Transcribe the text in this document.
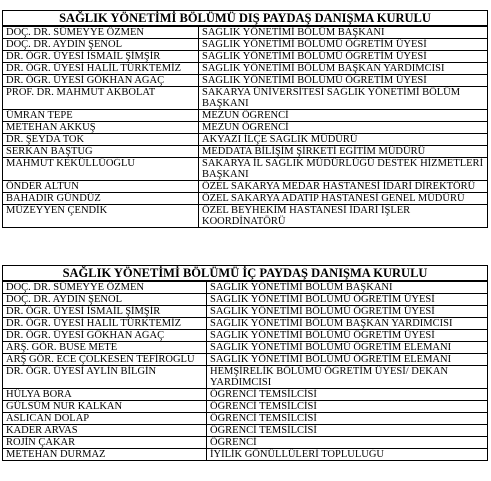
SAĞLIK YÖNETİMİ BÖLÜMÜ DIŞ PAYDAŞ DANIŞMA KURULU	
DOÇ. DR. SÜMEYYE ÖZMEN	SAĞLIK YÖNETİMİ BÖLÜM BAŞKANI
DOÇ. DR. AYDIN ŞENOL	SAĞLIK YÖNETİMİ BÖLÜMÜ ÖĞRETİM ÜYESİ
DR. ÖĞR. ÜYESİ İSMAİL ŞİMŞİR	SAĞLIK YÖNETİMİ BÖLÜMÜ ÖĞRETİM ÜYESİ
DR. ÖĞR. ÜYESİ HALİL TÜRKTEMİZ	SAĞLIK YÖNETİMİ BÖLÜM BAŞKAN YARDIMCISI
DR. ÖĞR. ÜYESİ GÖKHAN AĞAÇ	SAĞLIK YÖNETİMİ BÖLÜMÜ ÖĞRETİM ÜYESİ
PROF. DR. MAHMUT AKBOLAT	SAKARYA ÜNİVERSİTESİ SAĞLIK YÖNETİMİ BÖLÜM BAŞKANI
ÜMRAN TEPE	MEZUN ÖĞRENCİ
METEHAN AKKUŞ	MEZUN ÖĞRENCİ
DR. ŞEYDA TOK	AKYAZI İLÇE SAĞLIK MÜDÜRÜ
SERKAN BAŞTUĞ	MEDDATA BİLİŞİM ŞİRKETİ EĞİTİM MÜDÜRÜ
MAHMUT KEKÜLLÜOĞLU	SAKARYA İL SAĞLIK MÜDÜRLÜĞÜ DESTEK HİZMETLERİ BAŞKANI
ÖNDER ALTUN	ÖZEL SAKARYA MEDAR HASTANESİ İDARİ DİREKTÖRÜ
BAHADIR GÜNDÜZ	ÖZEL SAKARYA ADATIP HASTANESİ GENEL MÜDÜRÜ
MÜZEYYEN ÇENDİK	ÖZEL BEYHEKİM HASTANESİ İDARİ İŞLER KOORDİNATÖRÜ
SAĞLIK YÖNETİMİ BÖLÜMÜ İÇ PAYDAŞ DANIŞMA KURULU	
DOÇ. DR. SÜMEYYE ÖZMEN	SAĞLIK YÖNETİMİ BÖLÜM BAŞKANI
DOÇ. DR. AYDIN ŞENOL	SAĞLIK YÖNETİMİ BÖLÜMÜ ÖĞRETİM ÜYESİ
DR. ÖĞR. ÜYESİ İSMAİL ŞİMŞİR	SAĞLIK YÖNETİMİ BÖLÜMÜ ÖĞRETİM ÜYESİ
DR. ÖĞR. ÜYESİ HALİL TÜRKTEMİZ	SAĞLIK YÖNETİMİ BÖLÜM BAŞKAN YARDIMCISI
DR. ÖĞR. ÜYESİ GÖKHAN AĞAÇ	SAĞLIK YÖNETİMİ BÖLÜMÜ ÖĞRETİM ÜYESİ
ARŞ. GÖR. BUSE METE	SAĞLIK YÖNETİMİ BÖLÜMÜ ÖĞRETİM ELEMANI
ARŞ GÖR. ECE ÇOLKESEN TEFİROĞLU	SAĞLIK YÖNETİMİ BÖLÜMÜ ÖĞRETİM ELEMANI
DR. ÖĞR. ÜYESİ AYLİN BİLGİN	HEMŞİRELİK BÖLÜMÜ ÖĞRETİM ÜYESİ/ DEKAN YARDIMCISI
HÜLYA BORA	ÖĞRENCİ TEMSİLCİSİ
GÜLSÜM NUR KALKAN	ÖĞRENCİ TEMSİLCİSİ
ASLICAN DOLAP	ÖĞRENCİ TEMSİLCİSİ
KADER ARVAS	ÖĞRENCİ TEMSİLCİSİ
ROJİN ÇAKAR	ÖĞRENCİ
METEHAN DURMAZ	İYİLİK GÖNÜLLÜLERİ TOPLULUĞU
